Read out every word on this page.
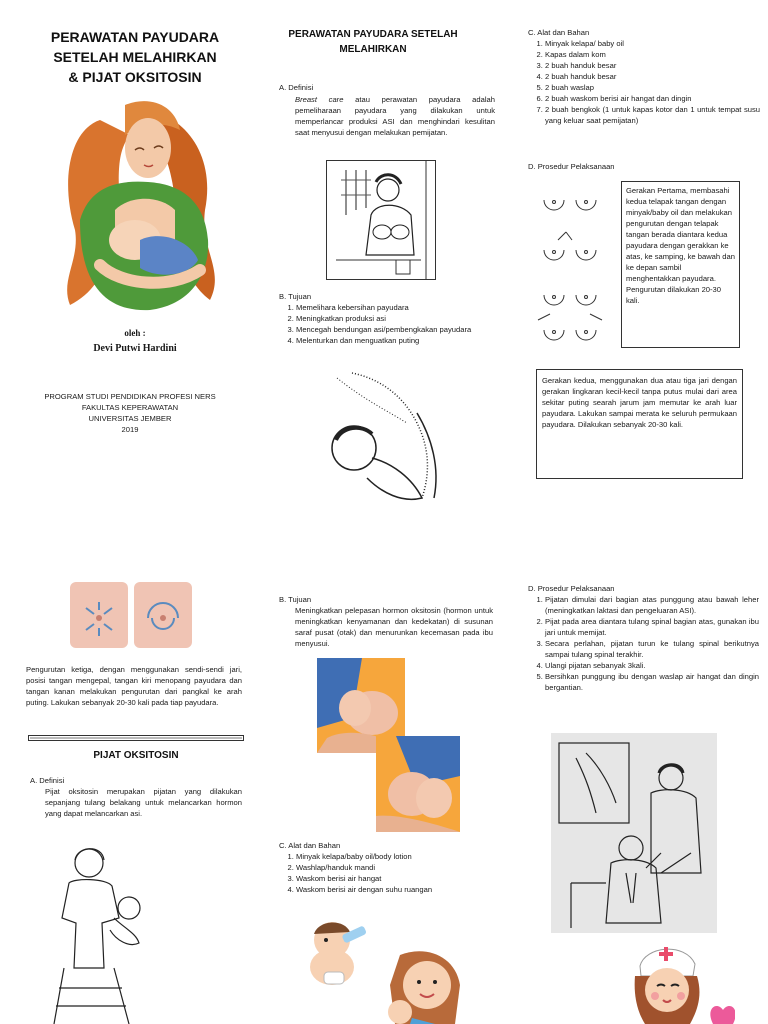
PERAWATAN PAYUDARA
SETELAH MELAHIRKAN
& PIJAT OKSITOSIN
oleh :
Devi Putwi Hardini
PROGRAM STUDI PENDIDIKAN PROFESI NERS
FAKULTAS KEPERAWATAN
UNIVERSITAS JEMBER
2019
PERAWATAN PAYUDARA SETELAH
MELAHIRKAN
A. Definisi
Breast care atau perawatan payudara adalah pemeliharaan payudara yang dilakukan untuk memperlancar produksi ASI dan menghindari kesulitan saat menyusui dengan melakukan pemijatan.
B. Tujuan
1. Memelihara kebersihan payudara
2. Meningkatkan produksi asi
3. Mencegah bendungan asi/pembengkakan payudara
4. Melenturkan dan menguatkan puting
C. Alat dan Bahan
1. Minyak kelapa/ baby oil
2. Kapas dalam kom
3. 2 buah handuk besar
4. 2 buah handuk besar
5. 2 buah waslap
6. 2 buah waskom berisi air hangat dan dingin
7. 2 buah bengkok (1 untuk kapas kotor dan 1 untuk tempat susu yang keluar saat pemijatan)
D. Prosedur Pelaksanaan
Gerakan Pertama, membasahi kedua telapak tangan dengan minyak/baby oil dan melakukan pengurutan dengan telapak tangan berada diantara kedua payudara dengan gerakkan ke atas, ke samping, ke bawah dan ke depan sambil menghentakkan payudara. Pengurutan dilakukan 20-30 kali.
Gerakan kedua, menggunakan dua atau tiga jari dengan gerakan lingkaran kecil-kecil tanpa putus mulai dari area sekitar puting searah jarum jam memutar ke arah luar payudara. Lakukan sampai merata ke seluruh permukaan payudara. Dilakukan sebanyak 20-30 kali.
Pengurutan ketiga, dengan menggunakan sendi-sendi jari, posisi tangan mengepal, tangan kiri menopang payudara dan tangan kanan melakukan pengurutan dari pangkal ke arah puting. Lakukan sebanyak 20-30 kali pada tiap payudara.
PIJAT OKSITOSIN
A. Definisi
Pijat oksitosin merupakan pijatan yang dilakukan sepanjang tulang belakang untuk melancarkan hormon yang dapat melancarkan asi.
B. Tujuan
Meningkatkan pelepasan hormon oksitosin (hormon untuk meningkatkan kenyamanan dan kedekatan) di susunan saraf pusat (otak) dan menurunkan kecemasan pada ibu menyusui.
C. Alat dan Bahan
1. Minyak kelapa/baby oil/body lotion
2. Washlap/handuk mandi
3. Waskom berisi air hangat
4. Waskom berisi air dengan suhu ruangan
D. Prosedur Pelaksanaan
1. Pijatan dimulai dari bagian atas punggung atau bawah leher (meningkatkan laktasi dan pengeluaran ASI).
2. Pijat pada area diantara tulang spinal bagian atas, gunakan ibu jari untuk memijat.
3. Secara perlahan, pijatan turun ke tulang spinal berikutnya sampai tulang spinal terakhir.
4. Ulangi pijatan sebanyak 3kali.
5. Bersihkan punggung ibu dengan waslap air hangat dan dingin bergantian.
